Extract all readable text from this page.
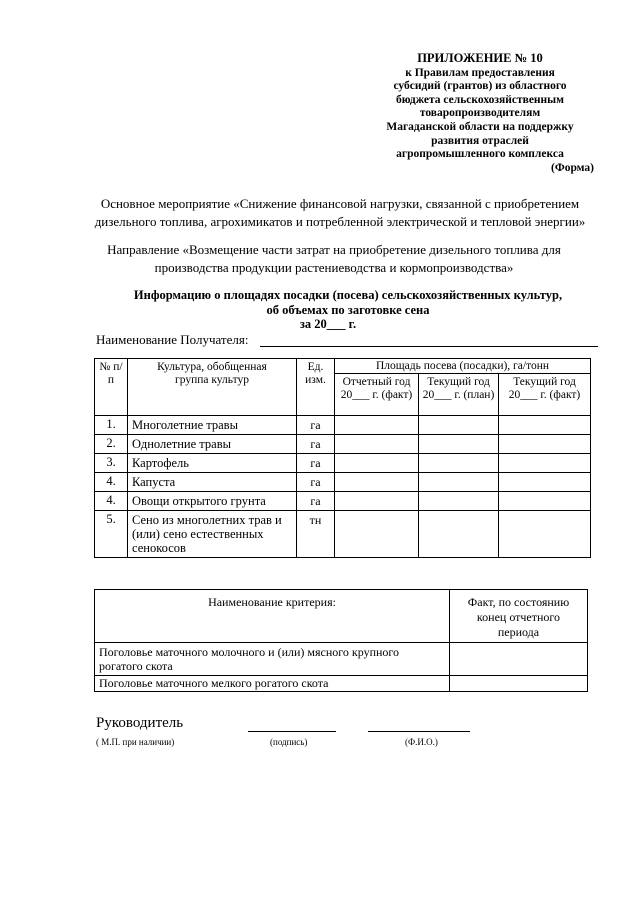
ПРИЛОЖЕНИЕ № 10
к Правилам предоставления
субсидий (грантов) из областного
бюджета сельскохозяйственным
товаропроизводителям
Магаданской области на поддержку
развития отраслей
агропромышленного комплекса
(Форма)
Основное мероприятие «Снижение финансовой нагрузки, связанной с приобретением дизельного топлива, агрохимикатов и потребленной электрической и тепловой энергии»
Направление «Возмещение части затрат на приобретение дизельного топлива для производства продукции растениеводства и кормопроизводства»
Информацию о площадях посадки (посева) сельскохозяйственных культур,
об объемах по заготовке сена
за 20___ г.
Наименование Получателя:
№ п/п	Культура, обобщенная группа культур	Ед. изм.	Площадь посева (посадки), га/тонн		
			Отчетный год 20___ г. (факт)	Текущий год 20___ г. (план)	Текущий год 20___ г. (факт)
1.	Многолетние травы	га			
2.	Однолетние травы	га			
3.	Картофель	га			
4.	Капуста	га			
4.	Овощи открытого грунта	га			
5.	Сено из многолетних трав и (или) сено естественных сенокосов	тн			
Наименование критерия:	Факт, по состоянию конец отчетного периода
Поголовье маточного молочного и (или) мясного крупного рогатого скота	
Поголовье маточного мелкого рогатого скота	
Руководитель
( М.П. при наличии)	(подпись)	(Ф.И.О.)
